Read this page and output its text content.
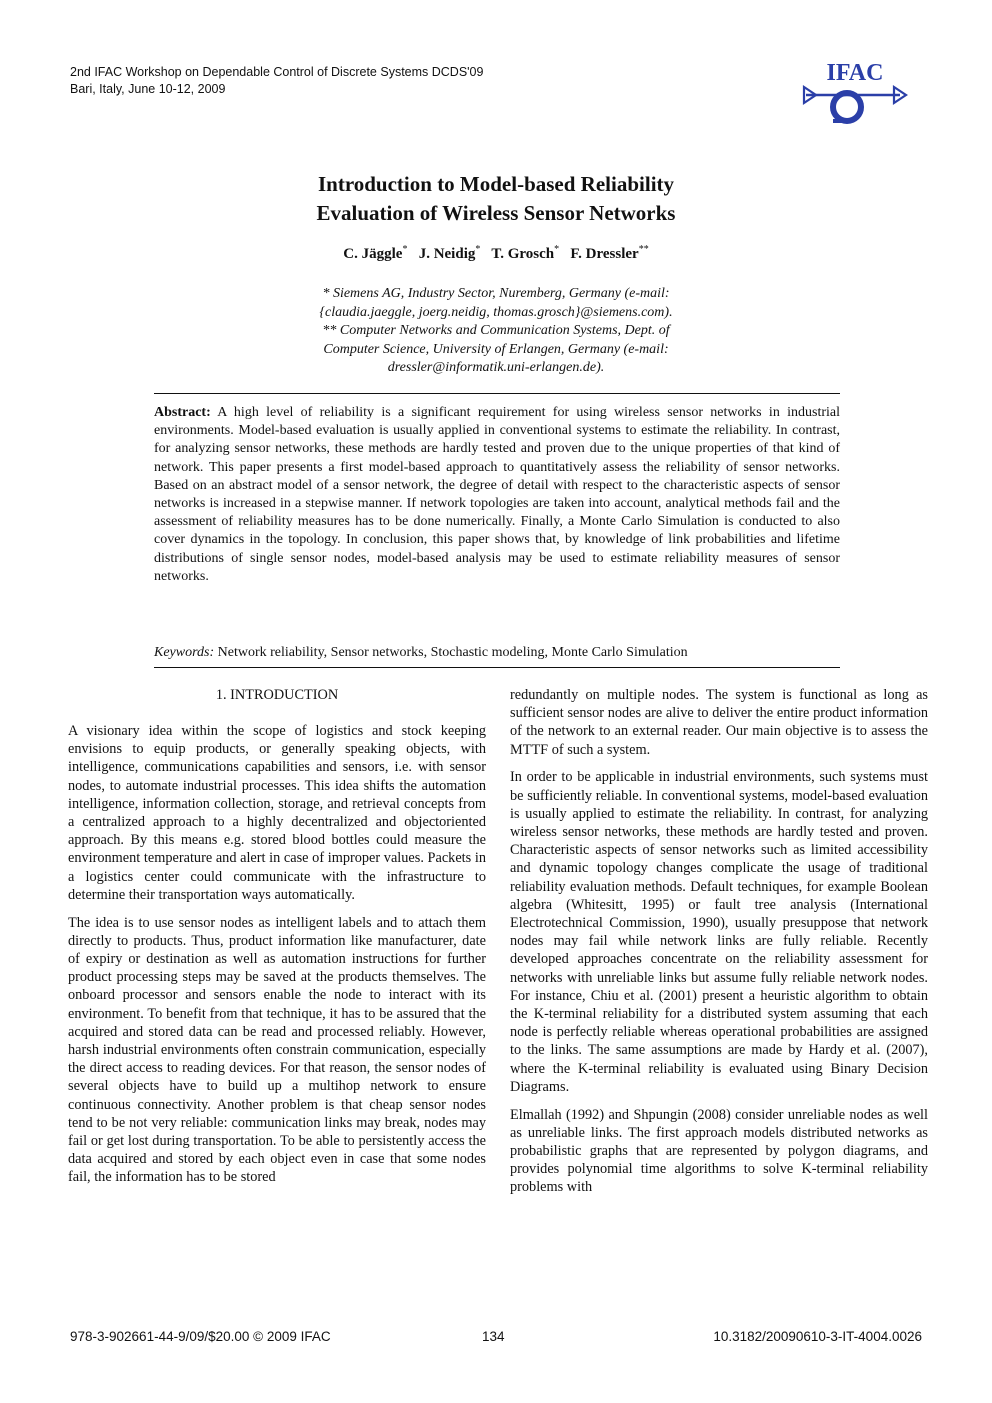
2nd IFAC Workshop on Dependable Control of Discrete Systems DCDS'09
Bari, Italy, June 10-12, 2009
IFAC
Introduction to Model-based Reliability
Evaluation of Wireless Sensor Networks
C. Jäggle* J. Neidig* T. Grosch* F. Dressler**
* Siemens AG, Industry Sector, Nuremberg, Germany (e-mail:
{claudia.jaeggle, joerg.neidig, thomas.grosch}@siemens.com).
** Computer Networks and Communication Systems, Dept. of
Computer Science, University of Erlangen, Germany (e-mail:
dressler@informatik.uni-erlangen.de).
Abstract: A high level of reliability is a significant requirement for using wireless sensor networks in industrial environments. Model-based evaluation is usually applied in conventional systems to estimate the reliability. In contrast, for analyzing sensor networks, these methods are hardly tested and proven due to the unique properties of that kind of network. This paper presents a first model-based approach to quantitatively assess the reliability of sensor networks. Based on an abstract model of a sensor network, the degree of detail with respect to the characteristic aspects of sensor networks is increased in a stepwise manner. If network topologies are taken into account, analytical methods fail and the assessment of reliability measures has to be done numerically. Finally, a Monte Carlo Simulation is conducted to also cover dynamics in the topology. In conclusion, this paper shows that, by knowledge of link probabilities and lifetime distributions of single sensor nodes, model-based analysis may be used to estimate reliability measures of sensor networks.
Keywords: Network reliability, Sensor networks, Stochastic modeling, Monte Carlo Simulation
1. INTRODUCTION

A visionary idea within the scope of logistics and stock keeping envisions to equip products, or generally speaking objects, with intelligence, communications capabilities and sensors, i.e. with sensor nodes, to automate industrial processes. This idea shifts the automation intelligence, information collection, storage, and retrieval concepts from a centralized approach to a highly decentralized and objectoriented approach. By this means e.g. stored blood bottles could measure the environment temperature and alert in case of improper values. Packets in a logistics center could communicate with the infrastructure to determine their transportation ways automatically.

The idea is to use sensor nodes as intelligent labels and to attach them directly to products. Thus, product information like manufacturer, date of expiry or destination as well as automation instructions for further product processing steps may be saved at the products themselves. The onboard processor and sensors enable the node to interact with its environment. To benefit from that technique, it has to be assured that the acquired and stored data can be read and processed reliably. However, harsh industrial environments often constrain communication, especially the direct access to reading devices. For that reason, the sensor nodes of several objects have to build up a multihop network to ensure continuous connectivity. Another problem is that cheap sensor nodes tend to be not very reliable: communication links may break, nodes may fail or get lost during transportation. To be able to persistently access the data acquired and stored by each object even in case that some nodes fail, the information has to be stored

redundantly on multiple nodes. The system is functional as long as sufficient sensor nodes are alive to deliver the entire product information of the network to an external reader. Our main objective is to assess the MTTF of such a system.

In order to be applicable in industrial environments, such systems must be sufficiently reliable. In conventional systems, model-based evaluation is usually applied to estimate the reliability. In contrast, for analyzing wireless sensor networks, these methods are hardly tested and proven. Characteristic aspects of sensor networks such as limited accessibility and dynamic topology changes complicate the usage of traditional reliability evaluation methods. Default techniques, for example Boolean algebra (Whitesitt, 1995) or fault tree analysis (International Electrotechnical Commission, 1990), usually presuppose that network nodes may fail while network links are fully reliable. Recently developed approaches concentrate on the reliability assessment for networks with unreliable links but assume fully reliable network nodes. For instance, Chiu et al. (2001) present a heuristic algorithm to obtain the K-terminal reliability for a distributed system assuming that each node is perfectly reliable whereas operational probabilities are assigned to the links. The same assumptions are made by Hardy et al. (2007), where the K-terminal reliability is evaluated using Binary Decision Diagrams.

Elmallah (1992) and Shpungin (2008) consider unreliable nodes as well as unreliable links. The first approach models distributed networks as probabilistic graphs that are represented by polygon diagrams, and provides polynomial time algorithms to solve K-terminal reliability problems with

978-3-902661-44-9/09/$20.00 © 2009 IFAC	134	10.3182/20090610-3-IT-4004.0026
